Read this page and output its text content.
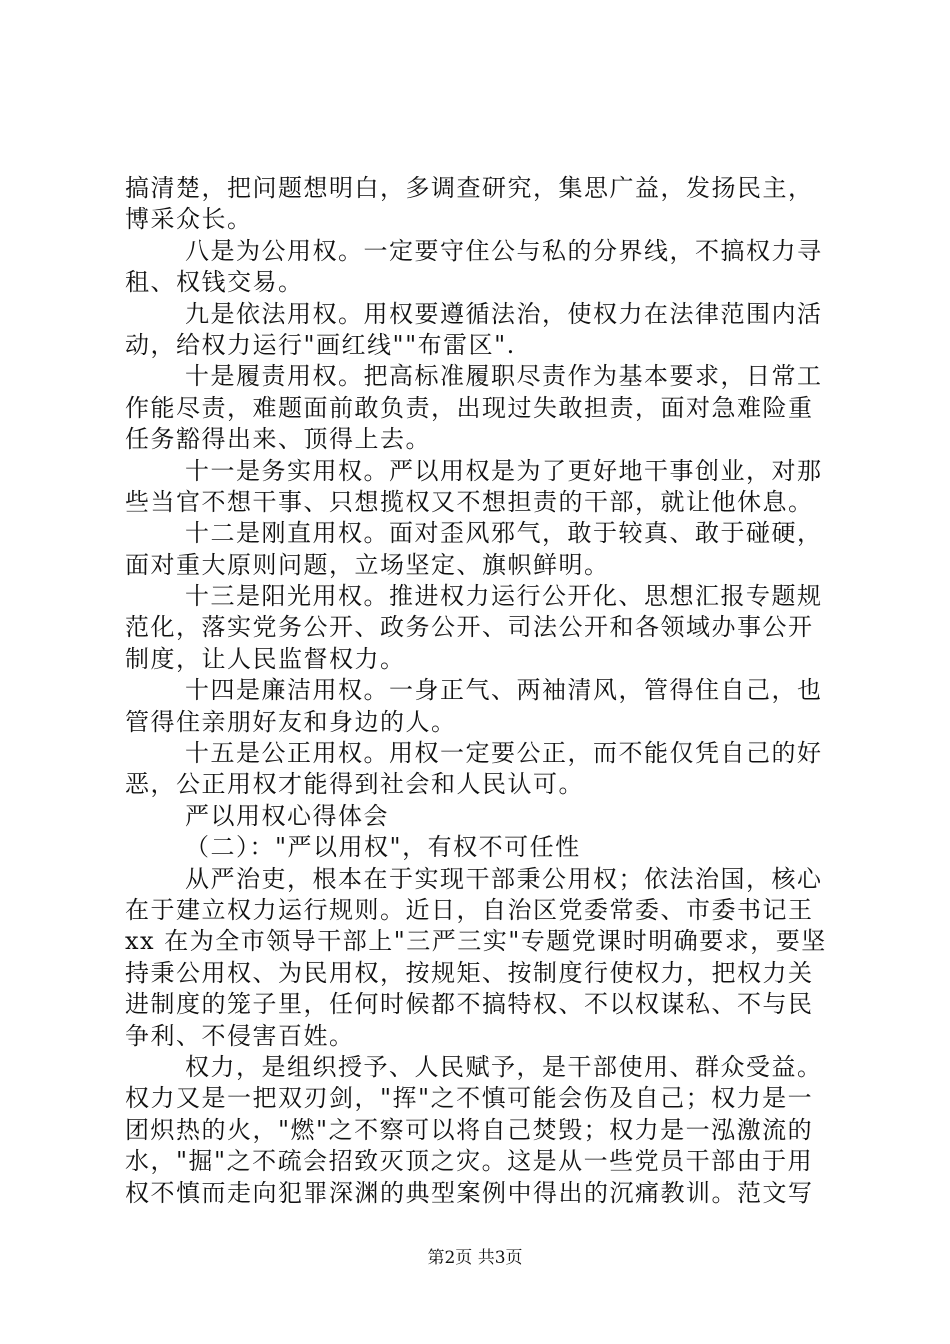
搞清楚，把问题想明白，多调查研究，集思广益，发扬民主，
博采众长。
八是为公用权。一定要守住公与私的分界线，不搞权力寻
租、权钱交易。
九是依法用权。用权要遵循法治，使权力在法律范围内活
动，给权力运行"画红线""布雷区".
十是履责用权。把高标准履职尽责作为基本要求，日常工
作能尽责，难题面前敢负责，出现过失敢担责，面对急难险重
任务豁得出来、顶得上去。
十一是务实用权。严以用权是为了更好地干事创业，对那
些当官不想干事、只想揽权又不想担责的干部，就让他休息。
十二是刚直用权。面对歪风邪气，敢于较真、敢于碰硬，
面对重大原则问题，立场坚定、旗帜鲜明。
十三是阳光用权。推进权力运行公开化、思想汇报专题规
范化，落实党务公开、政务公开、司法公开和各领域办事公开
制度，让人民监督权力。
十四是廉洁用权。一身正气、两袖清风，管得住自己，也
管得住亲朋好友和身边的人。
十五是公正用权。用权一定要公正，而不能仅凭自己的好
恶，公正用权才能得到社会和人民认可。
严以用权心得体会
（二）："严以用权"，有权不可任性
从严治吏，根本在于实现干部秉公用权；依法治国，核心
在于建立权力运行规则。近日，自治区党委常委、市委书记王
xx 在为全市领导干部上"三严三实"专题党课时明确要求，要坚
持秉公用权、为民用权，按规矩、按制度行使权力，把权力关
进制度的笼子里，任何时候都不搞特权、不以权谋私、不与民
争利、不侵害百姓。
权力，是组织授予、人民赋予，是干部使用、群众受益。
权力又是一把双刃剑，"挥"之不慎可能会伤及自己；权力是一
团炽热的火，"燃"之不察可以将自己焚毁；权力是一泓激流的
水，"掘"之不疏会招致灭顶之灾。这是从一些党员干部由于用
权不慎而走向犯罪深渊的典型案例中得出的沉痛教训。范文写
第2页 共3页
